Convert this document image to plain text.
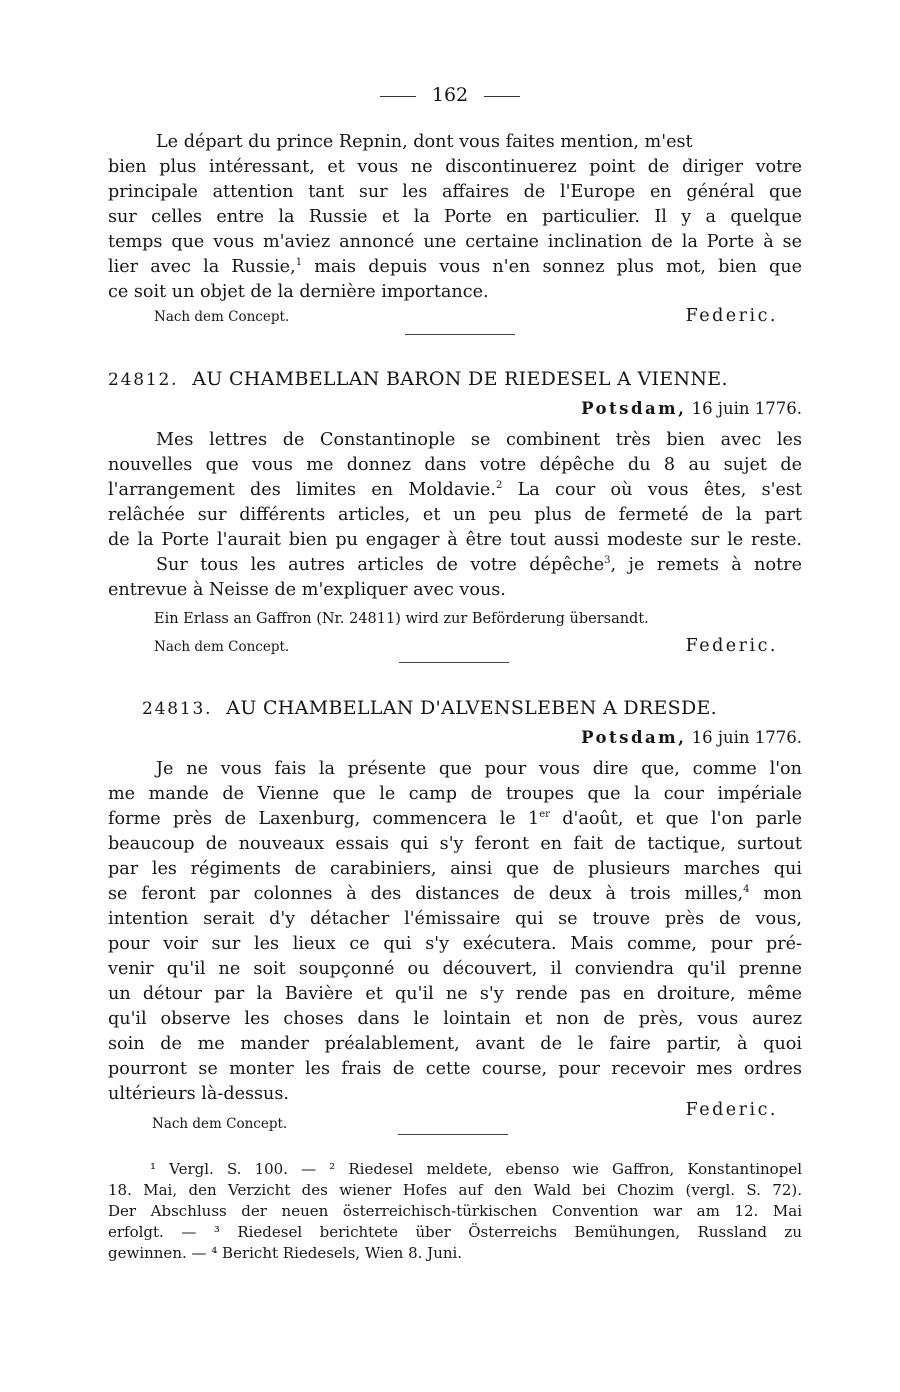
162
Le départ du prince Repnin, dont vous faites mention, m'est
bien plus intéressant, et vous ne discontinuerez point de diriger votre
principale attention tant sur les affaires de l'Europe en général que
sur celles entre la Russie et la Porte en particulier. Il y a quelque
temps que vous m'aviez annoncé une certaine inclination de la Porte à se
lier avec la Russie,$^1$ mais depuis vous n'en sonnez plus mot, bien que
ce soit un objet de la dernière importance.
Nach dem Concept.	Federic.
24812. AU CHAMBELLAN BARON DE RIEDESEL A VIENNE.
Potsdam, 16 juin 1776.
Mes lettres de Constantinople se combinent très bien avec les
nouvelles que vous me donnez dans votre dépêche du 8 au sujet de
l'arrangement des limites en Moldavie.$^2$ La cour où vous êtes, s'est
relâchée sur différents articles, et un peu plus de fermeté de la part
de la Porte l'aurait bien pu engager à être tout aussi modeste sur le reste.
Sur tous les autres articles de votre dépêche$^3$, je remets à notre
entrevue à Neisse de m'expliquer avec vous.
Ein Erlass an Gaffron (Nr. 24811) wird zur Beförderung übersandt.
Nach dem Concept.	Federic.
24813. AU CHAMBELLAN D'ALVENSLEBEN A DRESDE.
Potsdam, 16 juin 1776.
Je ne vous fais la présente que pour vous dire que, comme l'on
me mande de Vienne que le camp de troupes que la cour impériale
forme près de Laxenburg, commencera le 1er d'août, et que l'on parle
beaucoup de nouveaux essais qui s'y feront en fait de tactique, surtout
par les régiments de carabiniers, ainsi que de plusieurs marches qui
se feront par colonnes à des distances de deux à trois milles,$^4$ mon
intention serait d'y détacher l'émissaire qui se trouve près de vous,
pour voir sur les lieux ce qui s'y exécutera. Mais comme, pour pré-
venir qu'il ne soit soupçonné ou découvert, il conviendra qu'il prenne
un détour par la Bavière et qu'il ne s'y rende pas en droiture, même
qu'il observe les choses dans le lointain et non de près, vous aurez
soin de me mander préalablement, avant de le faire partir, à quoi
pourront se monter les frais de cette course, pour recevoir mes ordres
ultérieurs là-dessus.
Federic.
Nach dem Concept.
¹ Vergl. S. 100. — ² Riedesel meldete, ebenso wie Gaffron, Konstantinopel
18. Mai, den Verzicht des wiener Hofes auf den Wald bei Chozim (vergl. S. 72).
Der Abschluss der neuen österreichisch-türkischen Convention war am 12. Mai
erfolgt. — ³ Riedesel berichtete über Österreichs Bemühungen, Russland zu
gewinnen. — ⁴ Bericht Riedesels, Wien 8. Juni.
